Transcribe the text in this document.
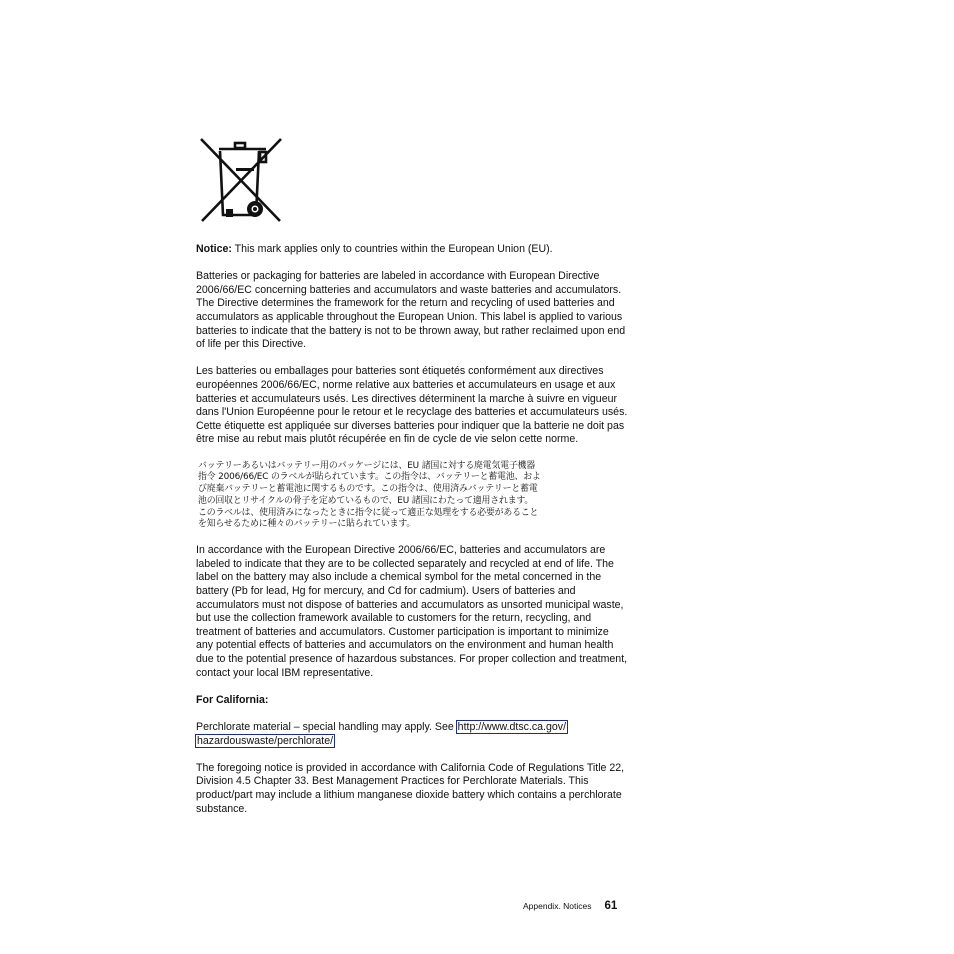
Notice: This mark applies only to countries within the European Union (EU).

Batteries or packaging for batteries are labeled in accordance with European Directive 2006/66/EC concerning batteries and accumulators and waste batteries and accumulators. The Directive determines the framework for the return and recycling of used batteries and accumulators as applicable throughout the European Union. This label is applied to various batteries to indicate that the battery is not to be thrown away, but rather reclaimed upon end of life per this Directive.

Les batteries ou emballages pour batteries sont étiquetés conformément aux directives européennes 2006/66/EC, norme relative aux batteries et accumulateurs en usage et aux batteries et accumulateurs usés. Les directives déterminent la marche à suivre en vigueur dans l'Union Européenne pour le retour et le recyclage des batteries et accumulateurs usés. Cette étiquette est appliquée sur diverses batteries pour indiquer que la batterie ne doit pas être mise au rebut mais plutôt récupérée en fin de cycle de vie selon cette norme.

バッテリーあるいはバッテリー用のパッケージには、EU 諸国に対する廃電気電子機器
指令 2006/66/EC のラベルが貼られています。この指令は、バッテリーと蓄電池、およ
び廃棄バッテリーと蓄電池に関するものです。この指令は、使用済みバッテリーと蓄電
池の回収とリサイクルの骨子を定めているもので、EU 諸国にわたって適用されます。
このラベルは、使用済みになったときに指令に従って適正な処理をする必要があること
を知らせるために種々のバッテリーに貼られています。

In accordance with the European Directive 2006/66/EC, batteries and accumulators are labeled to indicate that they are to be collected separately and recycled at end of life. The label on the battery may also include a chemical symbol for the metal concerned in the battery (Pb for lead, Hg for mercury, and Cd for cadmium). Users of batteries and accumulators must not dispose of batteries and accumulators as unsorted municipal waste, but use the collection framework available to customers for the return, recycling, and treatment of batteries and accumulators. Customer participation is important to minimize any potential effects of batteries and accumulators on the environment and human health due to the potential presence of hazardous substances. For proper collection and treatment, contact your local IBM representative.

For California:

Perchlorate material – special handling may apply. See http://www.dtsc.ca.gov/
hazardouswaste/perchlorate/

The foregoing notice is provided in accordance with California Code of Regulations Title 22, Division 4.5 Chapter 33. Best Management Practices for Perchlorate Materials. This product/part may include a lithium manganese dioxide battery which contains a perchlorate substance.

Appendix. Notices 61
